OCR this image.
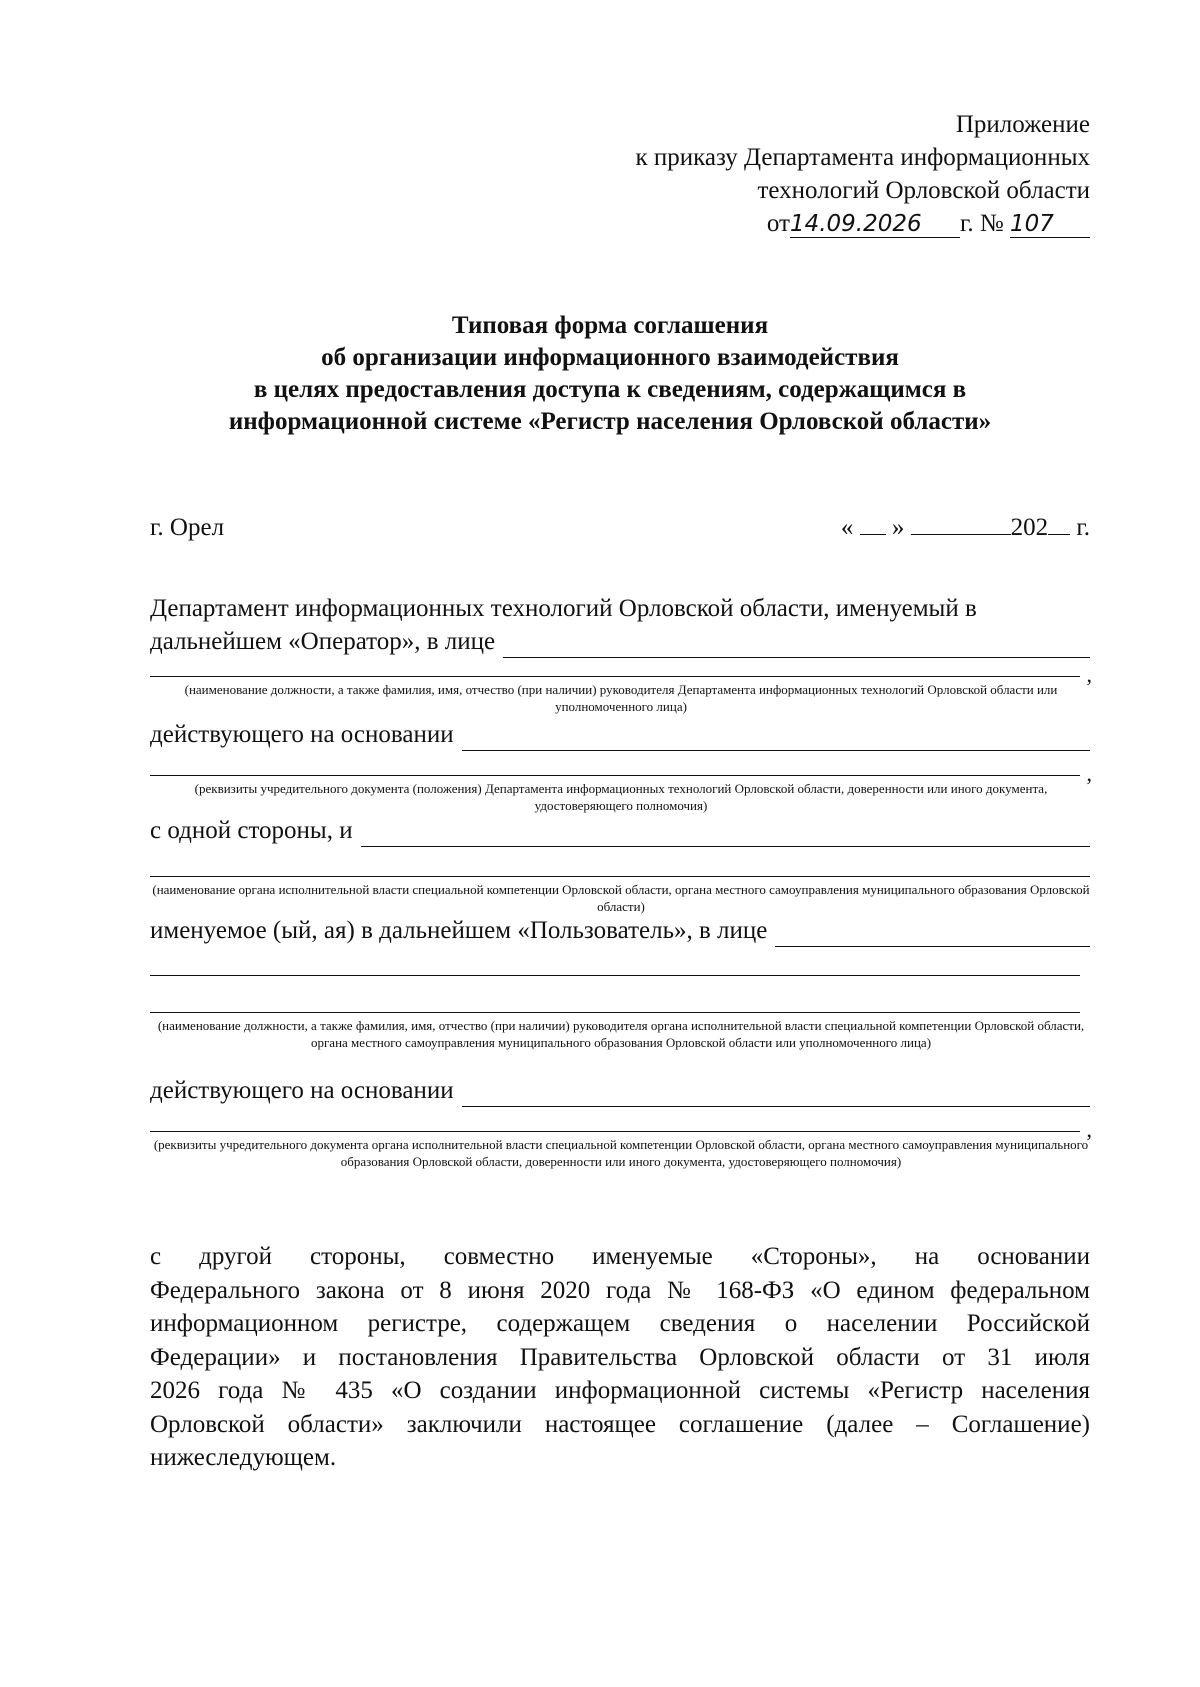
Приложение
к приказу Департамента информационных
технологий Орловской области
от14.09.2026 г. № 107
Типовая форма соглашения
об организации информационного взаимодействия
в целях предоставления доступа к сведениям, содержащимся в
информационной системе «Регистр населения Орловской области»
г. Орел	« »	202 г.
Департамент информационных технологий Орловской области, именуемый в
дальнейшем «Оператор», в лице
,
(наименование должности, а также фамилия, имя, отчество (при наличии) руководителя Департамента информационных технологий Орловской области или уполномоченного лица)
действующего на основании
,
(реквизиты учредительного документа (положения) Департамента информационных технологий Орловской области, доверенности или иного документа, удостоверяющего полномочия)
с одной стороны, и
(наименование органа исполнительной власти специальной компетенции Орловской области, органа местного самоуправления муниципального образования Орловской области)
именуемое (ый, ая) в дальнейшем «Пользователь», в лице
(наименование должности, а также фамилия, имя, отчество (при наличии) руководителя органа исполнительной власти специальной компетенции Орловской области, органа местного самоуправления муниципального образования Орловской области или уполномоченного лица)
действующего на основании
,
(реквизиты учредительного документа органа исполнительной власти специальной компетенции Орловской области, органа местного самоуправления муниципального образования Орловской области, доверенности или иного документа, удостоверяющего полномочия)
с другой стороны, совместно именуемые «Стороны», на основании
Федерального закона от 8 июня 2020 года № 168-ФЗ «О едином федеральном
информационном регистре, содержащем сведения о населении Российской
Федерации» и постановления Правительства Орловской области от 31 июля
2026 года № 435 «О создании информационной системы «Регистр населения
Орловской области» заключили настоящее соглашение (далее – Соглашение)
нижеследующем.
